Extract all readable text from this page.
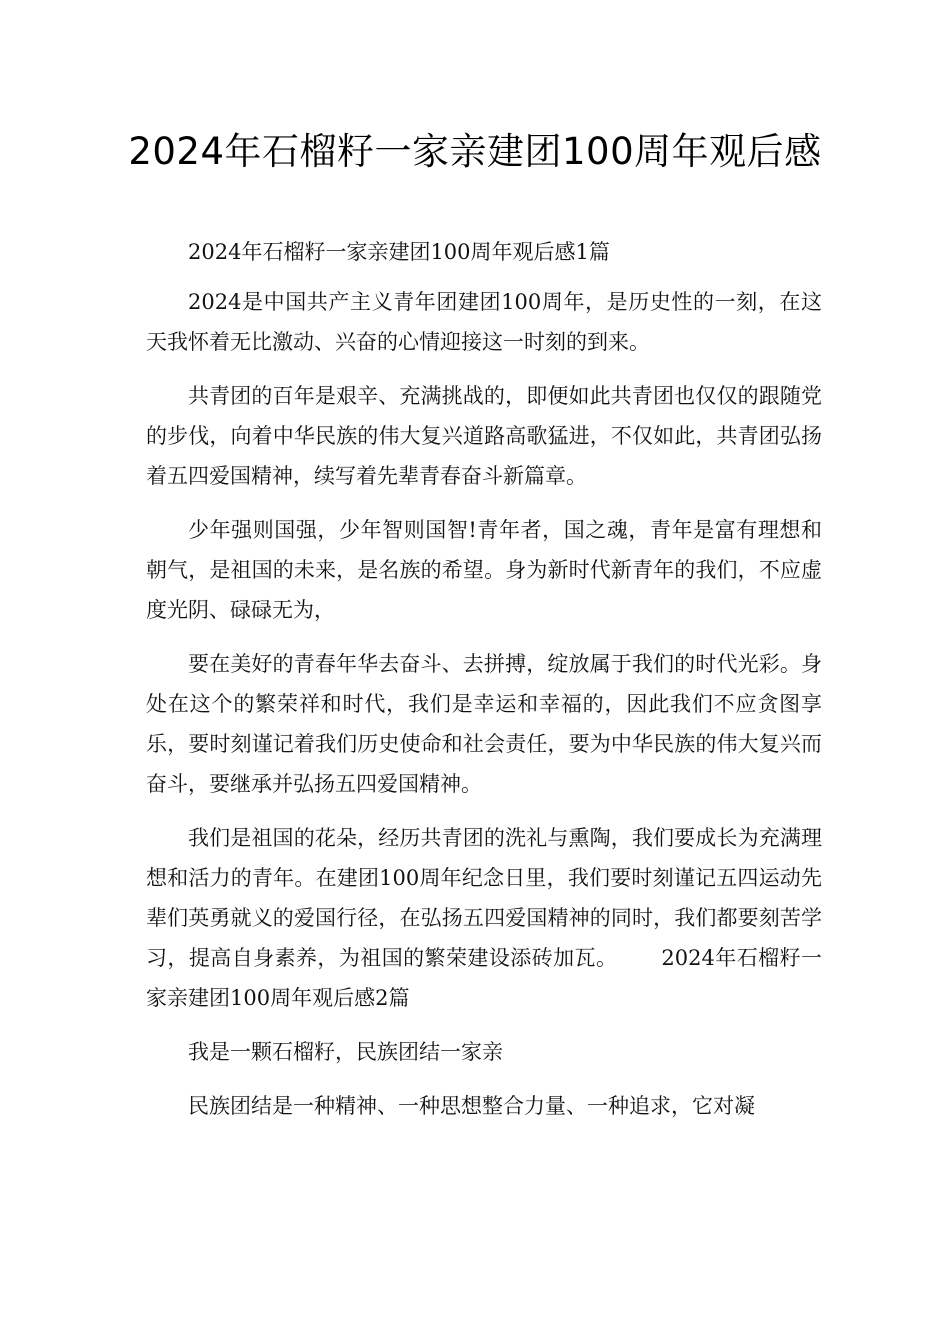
2024年石榴籽一家亲建团100周年观后感

2024年石榴籽一家亲建团100周年观后感1篇

2024是中国共产主义青年团建团100周年，是历史性的一刻，在这天我怀着无比激动、兴奋的心情迎接这一时刻的到来。

共青团的百年是艰辛、充满挑战的，即便如此共青团也仅仅的跟随党的步伐，向着中华民族的伟大复兴道路高歌猛进，不仅如此，共青团弘扬着五四爱国精神，续写着先辈青春奋斗新篇章。

少年强则国强，少年智则国智!青年者，国之魂，青年是富有理想和朝气，是祖国的未来，是名族的希望。身为新时代新青年的我们，不应虚度光阴、碌碌无为，

要在美好的青春年华去奋斗、去拼搏，绽放属于我们的时代光彩。身处在这个的繁荣祥和时代，我们是幸运和幸福的，因此我们不应贪图享乐，要时刻谨记着我们历史使命和社会责任，要为中华民族的伟大复兴而奋斗，要继承并弘扬五四爱国精神。

我们是祖国的花朵，经历共青团的洗礼与熏陶，我们要成长为充满理想和活力的青年。在建团100周年纪念日里，我们要时刻谨记五四运动先辈们英勇就义的爱国行径，在弘扬五四爱国精神的同时，我们都要刻苦学习，提高自身素养，为祖国的繁荣建设添砖加瓦。 2024年石榴籽一家亲建团100周年观后感2篇

我是一颗石榴籽，民族团结一家亲

民族团结是一种精神、一种思想整合力量、一种追求，它对凝
